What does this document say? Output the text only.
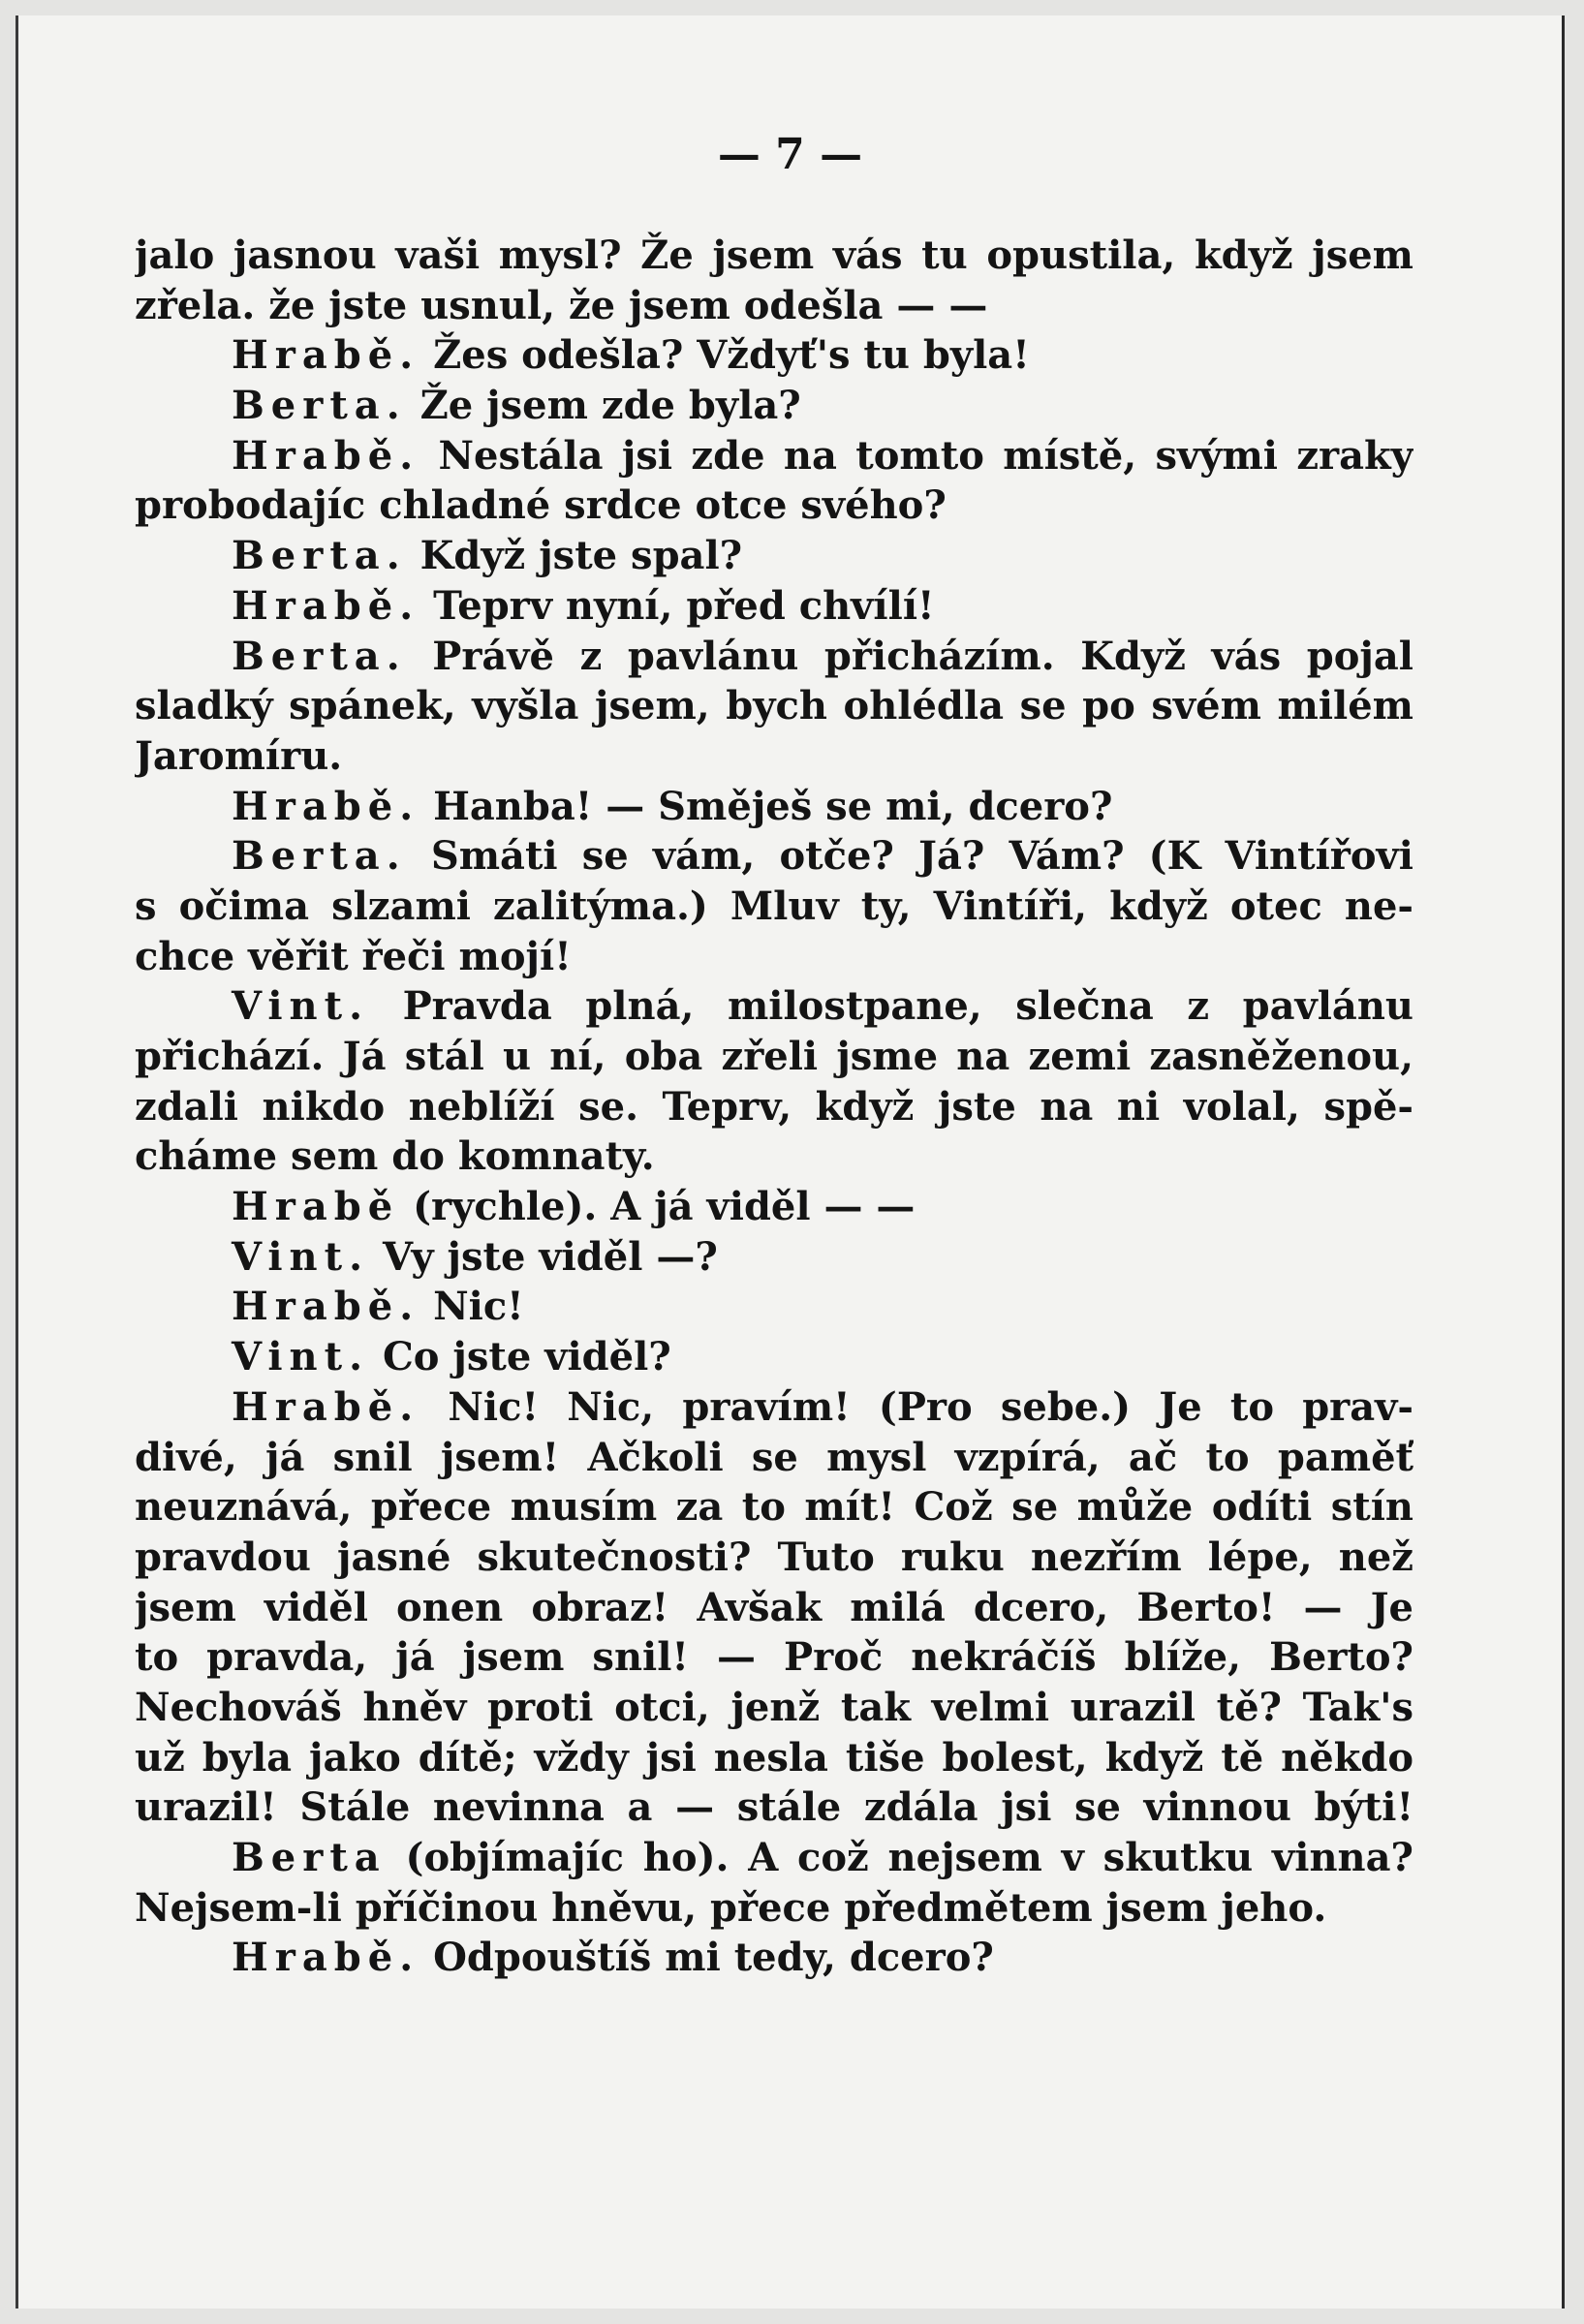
— 7 —
jalo jasnou vaši mysl? Že jsem vás tu opustila, když jsem
zřela. že jste usnul, že jsem odešla — —
Hrabě. Žes odešla? Vždyť's tu byla!
Berta. Že jsem zde byla?
Hrabě. Nestála jsi zde na tomto místě, svými zraky
probodajíc chladné srdce otce svého?
Berta. Když jste spal?
Hrabě. Teprv nyní, před chvílí!
Berta. Právě z pavlánu přicházím. Když vás pojal
sladký spánek, vyšla jsem, bych ohlédla se po svém milém
Jaromíru.
Hrabě. Hanba! — Směješ se mi, dcero?
Berta. Smáti se vám, otče? Já? Vám? (K Vintířovi
s očima slzami zalitýma.) Mluv ty, Vintíři, když otec ne-
chce věřit řeči mojí!
Vint. Pravda plná, milostpane, slečna z pavlánu
přichází. Já stál u ní, oba zřeli jsme na zemi zasněženou,
zdali nikdo neblíží se. Teprv, když jste na ni volal, spě-
cháme sem do komnaty.
Hrabě (rychle). A já viděl — —
Vint. Vy jste viděl —?
Hrabě. Nic!
Vint. Co jste viděl?
Hrabě. Nic! Nic, pravím! (Pro sebe.) Je to prav-
divé, já snil jsem! Ačkoli se mysl vzpírá, ač to paměť
neuznává, přece musím za to mít! Což se může odíti stín
pravdou jasné skutečnosti? Tuto ruku nezřím lépe, než
jsem viděl onen obraz! Avšak milá dcero, Berto! — Je
to pravda, já jsem snil! — Proč nekráčíš blíže, Berto?
Nechováš hněv proti otci, jenž tak velmi urazil tě? Tak's
už byla jako dítě; vždy jsi nesla tiše bolest, když tě někdo
urazil! Stále nevinna a — stále zdála jsi se vinnou býti!
Berta (objímajíc ho). A což nejsem v skutku vinna?
Nejsem-li příčinou hněvu, přece předmětem jsem jeho.
Hrabě. Odpouštíš mi tedy, dcero?
